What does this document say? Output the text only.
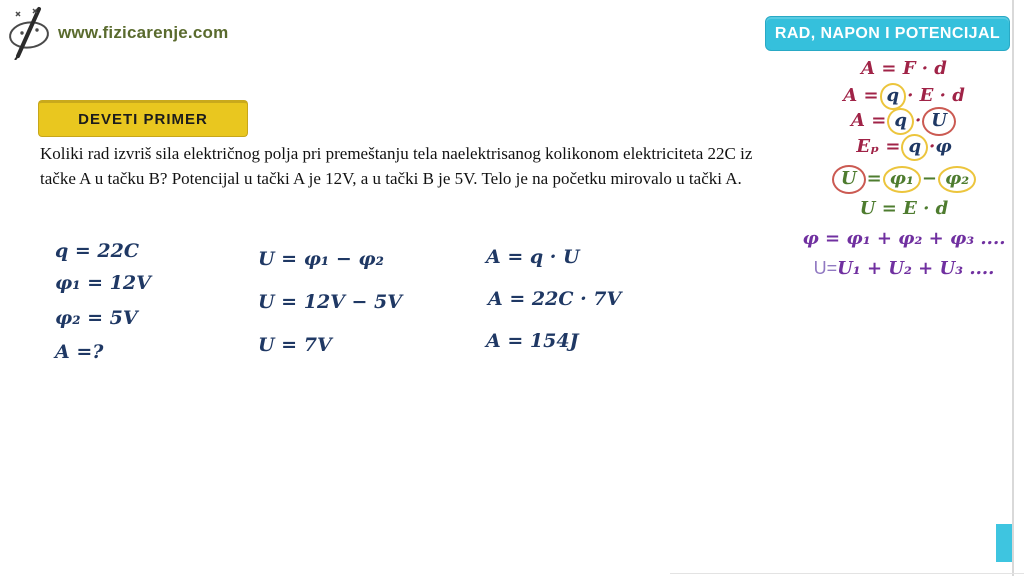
www.fizicarenje.com	RAD, NAPON I POTENCIJAL
A = F · d
A =q· E · d
A =q·U
Eₚ =q·φ
U =φ₁−φ₂
U = E · d
φ = φ₁ + φ₂ + φ₃ ....
U=U₁ + U₂ + U₃ ....
DEVETI PRIMER

Koliki rad izvriš sila električnog polja pri premeštanju tela naelektrisanog kolikonom elektriciteta 22C iz tačke A u tačku B? Potencijal u tački A je 12V, a u tački B je 5V. Telo je na početku mirovalo u tački A.

q = 22C
φ₁ = 12V
φ₂ = 5V
A =?
U = φ₁ − φ₂
U = 12V − 5V
U = 7V
A = q · U
A = 22C · 7V
A = 154J
